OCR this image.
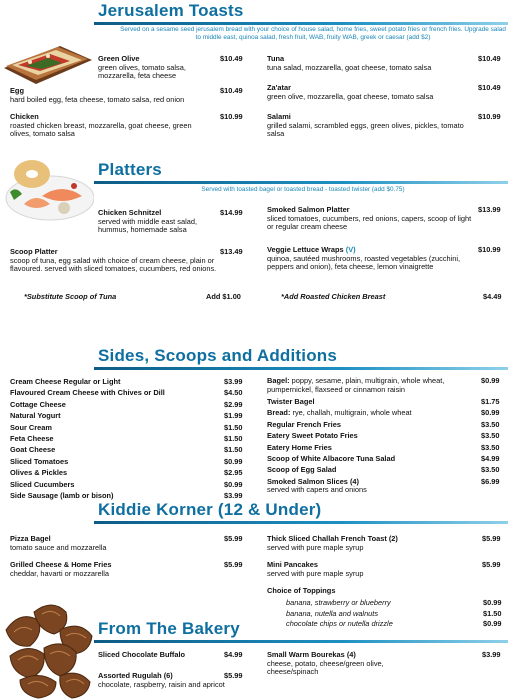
Jerusalem Toasts
Served on a sesame seed jerusalem bread with your choice of house salad, home fries, sweet potato fries or french fries. Upgrade salad to middle east, quinoa salad, fresh fruit, WAB, fruity WAB, greek or caesar (add $2)
Green Olive
green olives, tomato salsa, mozzarella, feta cheese
$10.49
Egg
hard boiled egg, feta cheese, tomato salsa, red onion
$10.49
Chicken
roasted chicken breast, mozzarella, goat cheese, green olives, tomato salsa
$10.99
Tuna
tuna salad, mozzarella, goat cheese, tomato salsa
$10.49
Za'atar
green olive, mozzarella, goat cheese, tomato salsa
$10.49
Salami
grilled salami, scrambled eggs, green olives, pickles, tomato salsa
$10.99
Platters
Served with toasted bagel or toasted bread - toasted twister (add $0.75)
Chicken Schnitzel
served with middle east salad, hummus, homemade salsa
$14.99
Scoop Platter
scoop of tuna, egg salad with choice of cream cheese, plain or flavoured. served with sliced tomatoes, cucumbers, red onions.
$13.49
*Substitute Scoop of Tuna	Add $1.00
Smoked Salmon Platter
sliced tomatoes, cucumbers, red onions, capers, scoop of light or regular cream cheese
$13.99
Veggie Lettuce Wraps (V)
quinoa, sautéed mushrooms, roasted vegetables (zucchini, peppers and onion), feta cheese, lemon vinaigrette
$10.99
*Add Roasted Chicken Breast	$4.49
Sides, Scoops and Additions
Cream Cheese Regular or Light	$3.99
Flavoured Cream Cheese with Chives or Dill	$4.50
Cottage Cheese	$2.99
Natural Yogurt	$1.99
Sour Cream	$1.50
Feta Cheese	$1.50
Goat Cheese	$1.50
Sliced Tomatoes	$0.99
Olives & Pickles	$2.95
Sliced Cucumbers	$0.99
Side Sausage (lamb or bison)	$3.99
Bagel: poppy, sesame, plain, multigrain, whole wheat, pumpernickel, flaxseed or cinnamon raisin
$0.99
Twister Bagel	$1.75
Bread: rye, challah, multigrain, whole wheat	$0.99
Regular French Fries	$3.50
Eatery Sweet Potato Fries	$3.50
Eatery Home Fries	$3.50
Scoop of White Albacore Tuna Salad	$4.99
Scoop of Egg Salad	$3.50
Smoked Salmon Slices (4)	$6.99
served with capers and onions
Kiddie Korner (12 & Under)
Pizza Bagel
tomato sauce and mozzarella
$5.99
Grilled Cheese & Home Fries
cheddar, havarti or mozzarella
$5.99
Thick Sliced Challah French Toast (2)
served with pure maple syrup
$5.99
Mini Pancakes
served with pure maple syrup
$5.99
Choice of Toppings
banana, strawberry or blueberry	$0.99
banana, nutella and walnuts	$1.50
chocolate chips or nutella drizzle	$0.99
From The Bakery
Sliced Chocolate Buffalo	$4.99
Assorted Rugulah (6)
chocolate, raspberry, raisin and apricot
$5.99
Small Warm Bourekas (4)
cheese, potato, cheese/green olive, cheese/spinach
$3.99
